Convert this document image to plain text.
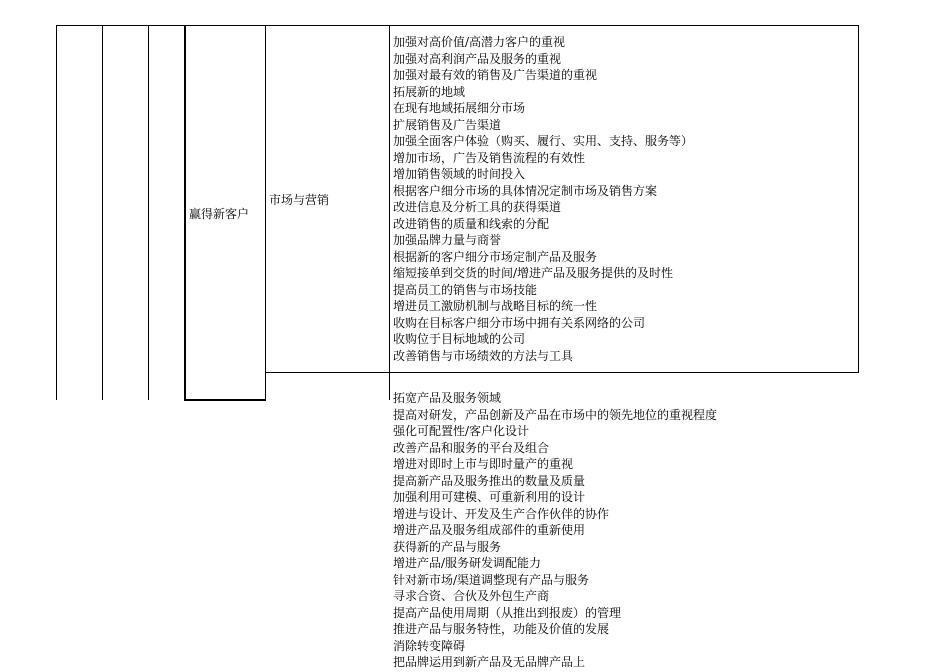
赢得新客户
市场与营销
加强对高价值/高潜力客户的重视
加强对高利润产品及服务的重视
加强对最有效的销售及广告渠道的重视
拓展新的地域
在现有地域拓展细分市场
扩展销售及广告渠道
加强全面客户体验（购买、履行、实用、支持、服务等）
增加市场，广告及销售流程的有效性
增加销售领域的时间投入
根据客户细分市场的具体情况定制市场及销售方案
改进信息及分析工具的获得渠道
改进销售的质量和线索的分配
加强品牌力量与商誉
根据新的客户细分市场定制产品及服务
缩短接单到交货的时间/增进产品及服务提供的及时性
提高员工的销售与市场技能
增进员工激励机制与战略目标的统一性
收购在目标客户细分市场中拥有关系网络的公司
收购位于目标地域的公司
改善销售与市场绩效的方法与工具
拓宽产品及服务领域
提高对研发，产品创新及产品在市场中的领先地位的重视程度
强化可配置性/客户化设计
改善产品和服务的平台及组合
增进对即时上市与即时量产的重视
提高新产品及服务推出的数量及质量
加强利用可建模、可重新利用的设计
增进与设计、开发及生产合作伙伴的协作
增进产品及服务组成部件的重新使用
获得新的产品与服务
增进产品/服务研发调配能力
针对新市场/渠道调整现有产品与服务
寻求合资、合伙及外包生产商
提高产品使用周期（从推出到报废）的管理
推进产品与服务特性，功能及价值的发展
消除转变障碍
把品牌运用到新产品及无品牌产品上
